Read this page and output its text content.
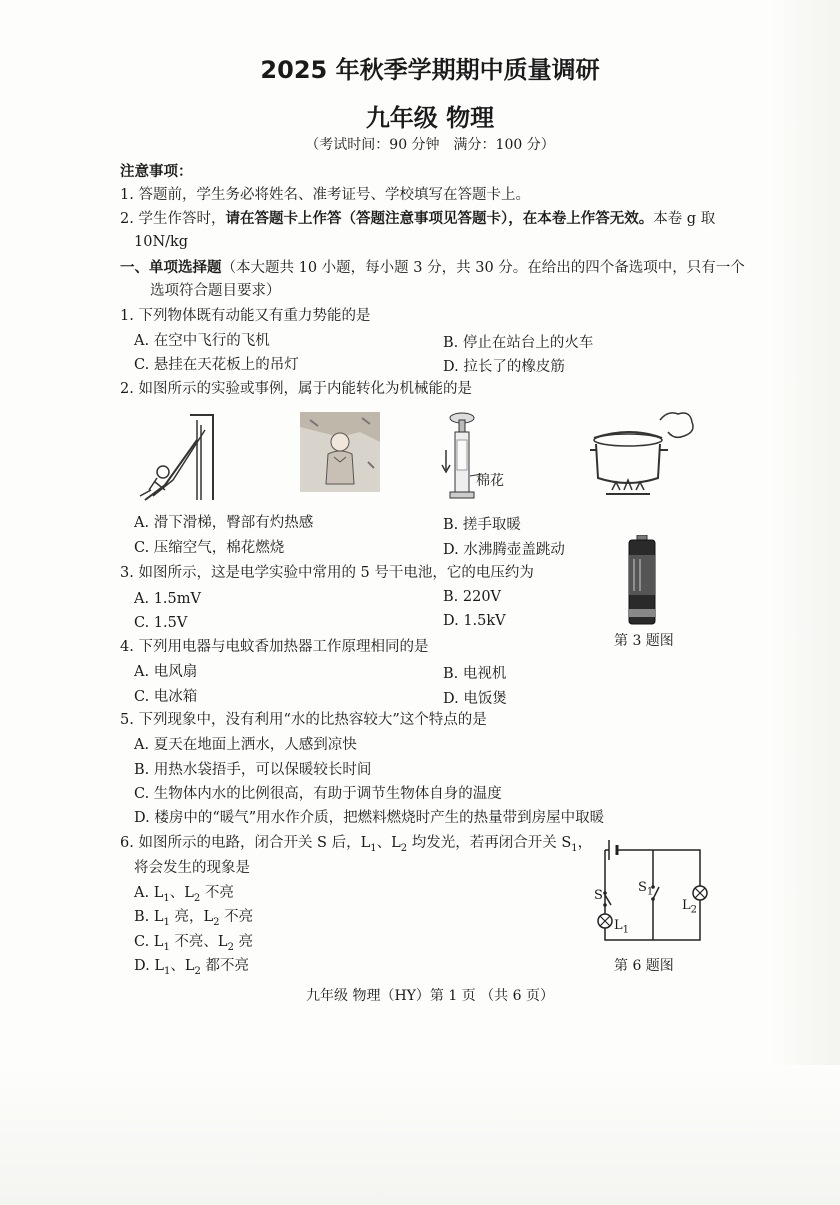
2025 年秋季学期期中质量调研
九年级 物理
（考试时间：90 分钟　满分：100 分）
注意事项：
1. 答题前，学生务必将姓名、准考证号、学校填写在答题卡上。
2. 学生作答时，请在答题卡上作答（答题注意事项见答题卡），在本卷上作答无效。本卷 g 取
10N/kg
一、单项选择题（本大题共 10 小题，每小题 3 分，共 30 分。在给出的四个备选项中，只有一个
选项符合题目要求）
1. 下列物体既有动能又有重力势能的是
A. 在空中飞行的飞机	B. 停止在站台上的火车
C. 悬挂在天花板上的吊灯	D. 拉长了的橡皮筋
2. 如图所示的实验或事例，属于内能转化为机械能的是
棉花
A. 滑下滑梯，臀部有灼热感	B. 搓手取暖
C. 压缩空气，棉花燃烧	D. 水沸腾壶盖跳动
3. 如图所示，这是电学实验中常用的 5 号干电池，它的电压约为
A. 1.5mV	B. 220V
C. 1.5V	D. 1.5kV
第 3 题图
4. 下列用电器与电蚊香加热器工作原理相同的是
A. 电风扇	B. 电视机
C. 电冰箱	D. 电饭煲
5. 下列现象中，没有利用“水的比热容较大”这个特点的是
A. 夏天在地面上洒水，人感到凉快
B. 用热水袋捂手，可以保暖较长时间
C. 生物体内水的比例很高，有助于调节生物体自身的温度
D. 楼房中的“暖气”用水作介质，把燃料燃烧时产生的热量带到房屋中取暖
6. 如图所示的电路，闭合开关 S 后，$L_1$、$L_2$ 均发光，若再闭合开关 $S_1$，
将会发生的现象是
A. $L_1$、$L_2$ 不亮
B. $L_1$ 亮，$L_2$ 不亮
C. $L_1$ 不亮、$L_2$ 亮
D. $L_1$、$L_2$ 都不亮
S
$S_1$
$L_1$
$L_2$
第 6 题图
九年级 物理（HY）第 1 页 （共 6 页）
